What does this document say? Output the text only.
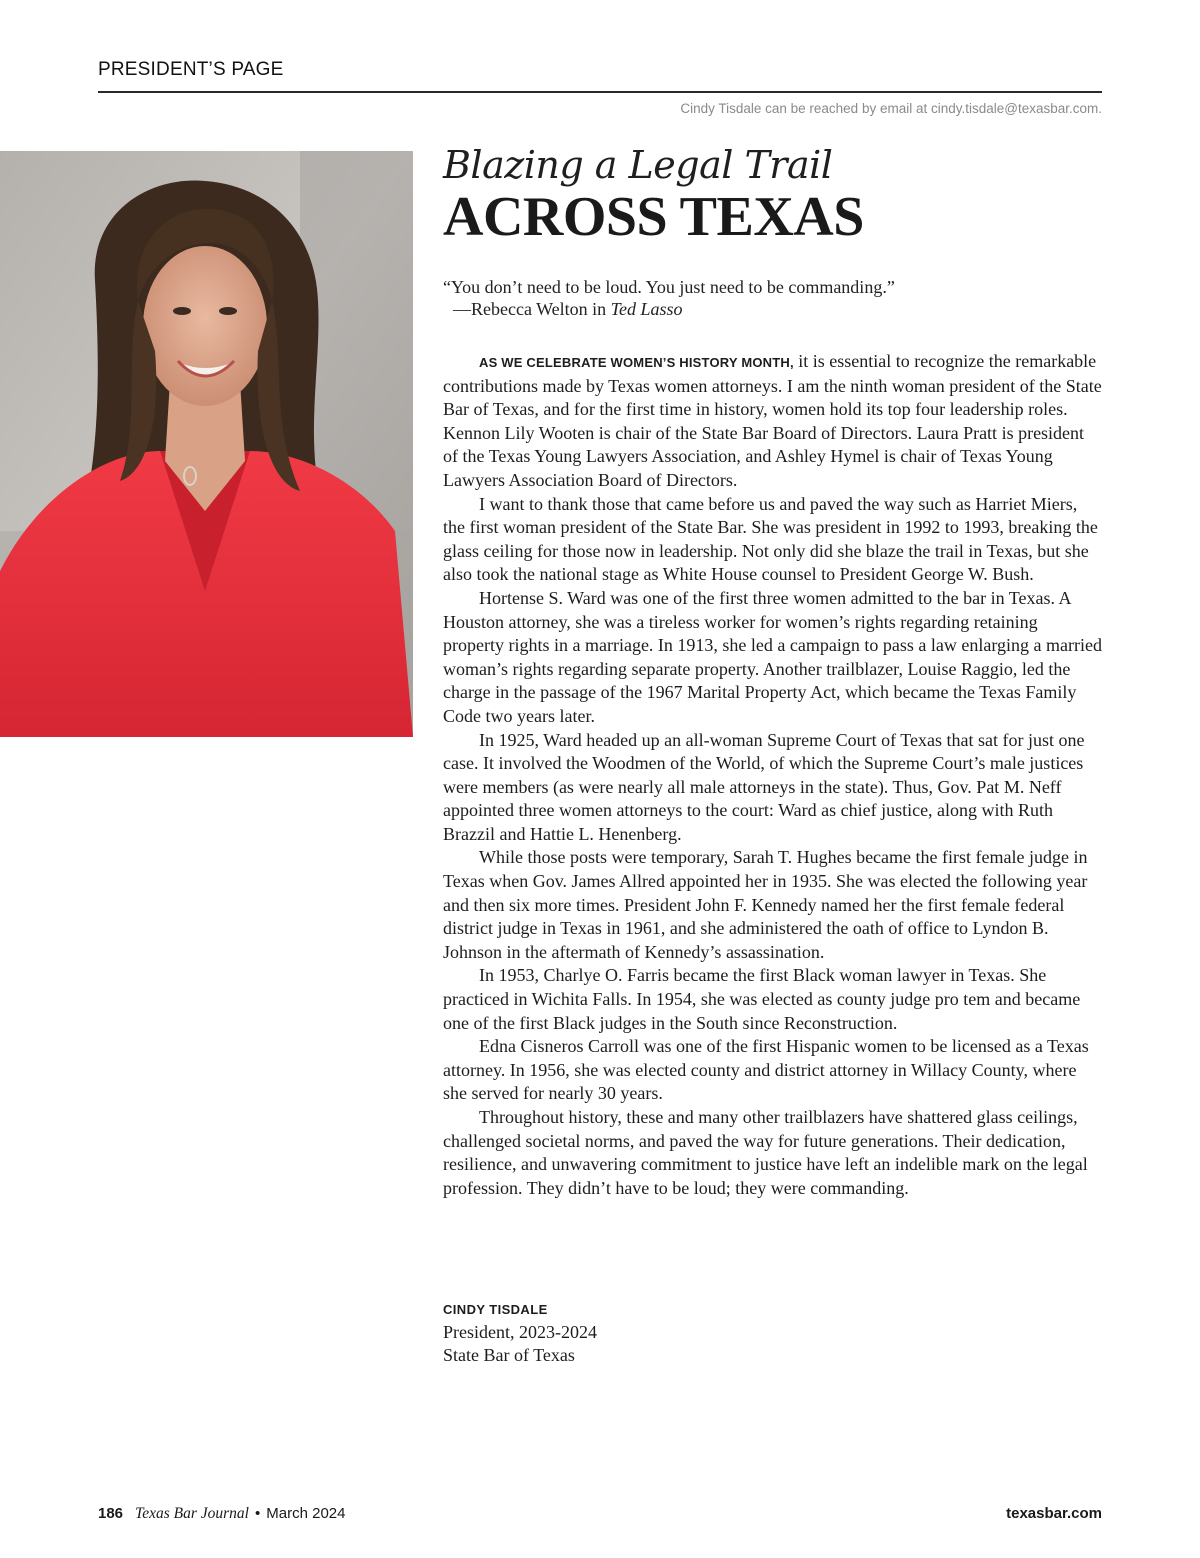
PRESIDENT’S PAGE
Cindy Tisdale can be reached by email at cindy.tisdale@texasbar.com.
Blazing a Legal Trail
ACROSS TEXAS
“You don’t need to be loud. You just need to be commanding.”
—Rebecca Welton in Ted Lasso

AS WE CELEBRATE WOMEN’S HISTORY MONTH, it is essential to recognize the remarkable contributions made by Texas women attorneys. I am the ninth woman president of the State Bar of Texas, and for the first time in history, women hold its top four leadership roles. Kennon Lily Wooten is chair of the State Bar Board of Directors. Laura Pratt is president of the Texas Young Lawyers Association, and Ashley Hymel is chair of Texas Young Lawyers Association Board of Directors.

I want to thank those that came before us and paved the way such as Harriet Miers, the first woman president of the State Bar. She was president in 1992 to 1993, breaking the glass ceiling for those now in leadership. Not only did she blaze the trail in Texas, but she also took the national stage as White House counsel to President George W. Bush.

Hortense S. Ward was one of the first three women admitted to the bar in Texas. A Houston attorney, she was a tireless worker for women’s rights regarding retaining property rights in a marriage. In 1913, she led a campaign to pass a law enlarging a married woman’s rights regarding separate property. Another trailblazer, Louise Raggio, led the charge in the passage of the 1967 Marital Property Act, which became the Texas Family Code two years later.

In 1925, Ward headed up an all-woman Supreme Court of Texas that sat for just one case. It involved the Woodmen of the World, of which the Supreme Court’s male justices were members (as were nearly all male attorneys in the state). Thus, Gov. Pat M. Neff appointed three women attorneys to the court: Ward as chief justice, along with Ruth Brazzil and Hattie L. Henenberg.

While those posts were temporary, Sarah T. Hughes became the first female judge in Texas when Gov. James Allred appointed her in 1935. She was elected the following year and then six more times. President John F. Kennedy named her the first female federal district judge in Texas in 1961, and she administered the oath of office to Lyndon B. Johnson in the aftermath of Kennedy’s assassination.

In 1953, Charlye O. Farris became the first Black woman lawyer in Texas. She practiced in Wichita Falls. In 1954, she was elected as county judge pro tem and became one of the first Black judges in the South since Reconstruction.

Edna Cisneros Carroll was one of the first Hispanic women to be licensed as a Texas attorney. In 1956, she was elected county and district attorney in Willacy County, where she served for nearly 30 years.

Throughout history, these and many other trailblazers have shattered glass ceilings, challenged societal norms, and paved the way for future generations. Their dedication, resilience, and unwavering commitment to justice have left an indelible mark on the legal profession. They didn’t have to be loud; they were commanding.

CINDY TISDALE
President, 2023-2024
State Bar of Texas
186 Texas Bar Journal • March 2024	texasbar.com
